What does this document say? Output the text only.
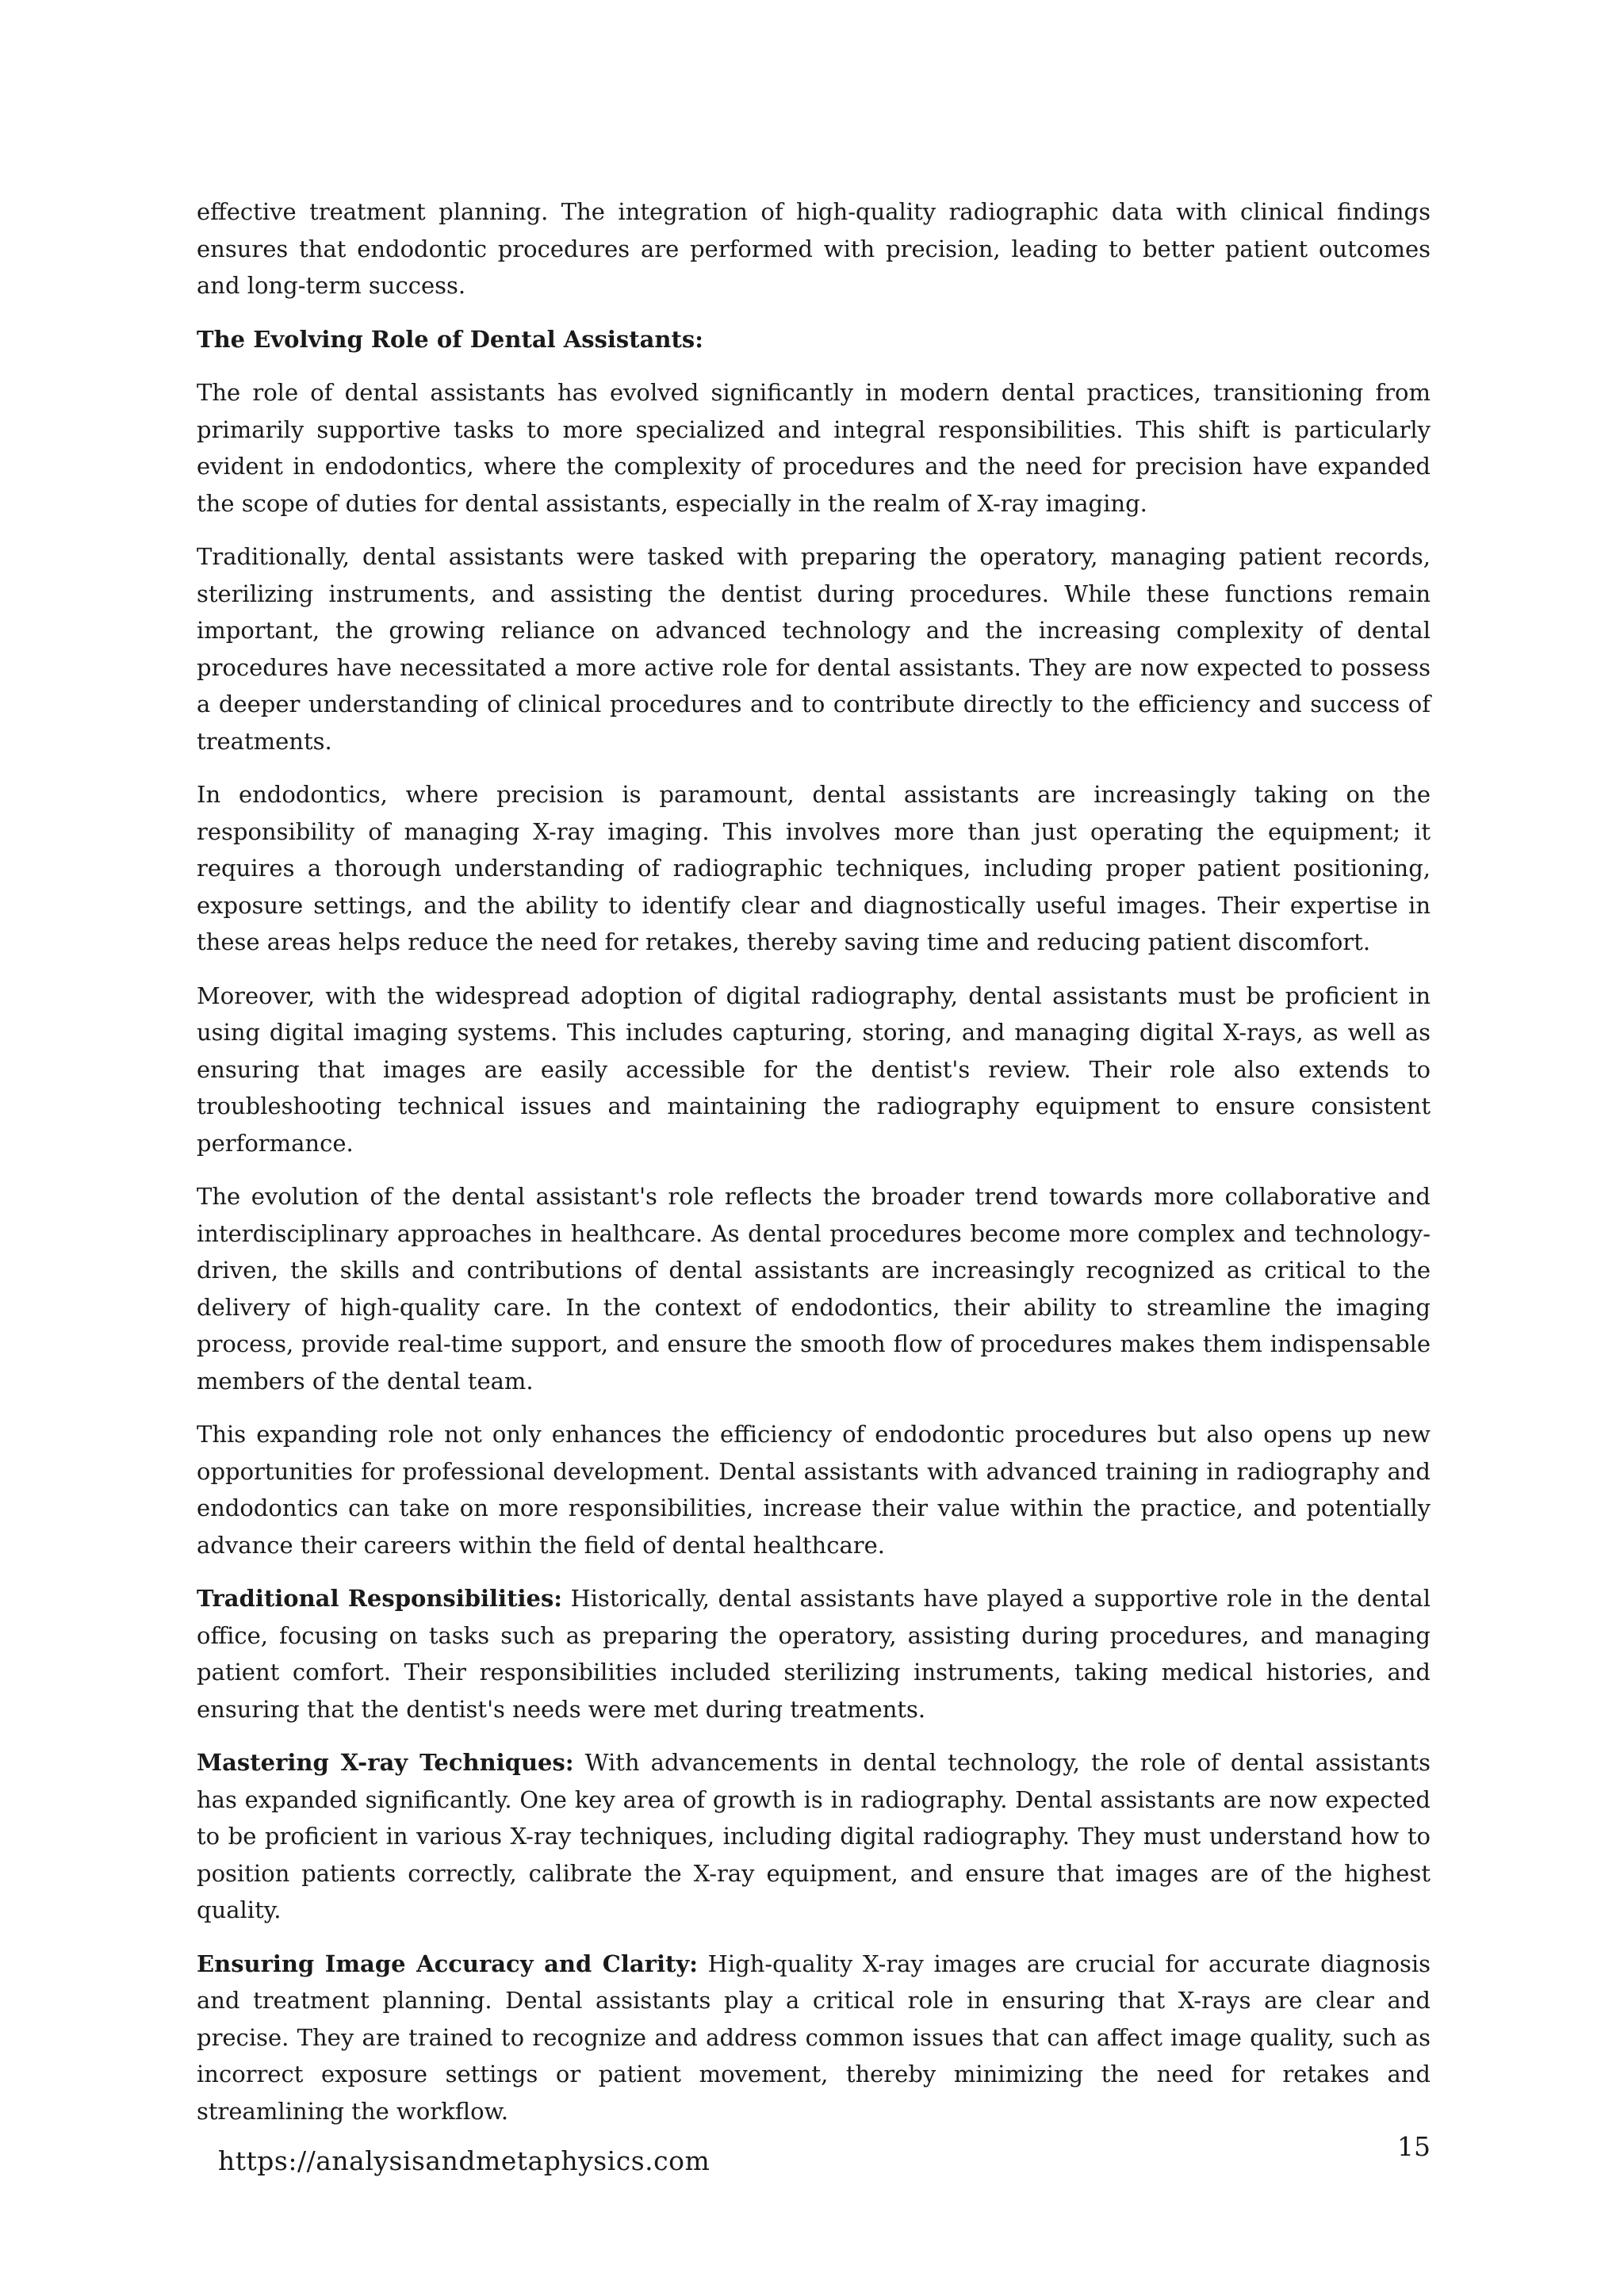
effective treatment planning. The integration of high-quality radiographic data with clinical findings ensures that endodontic procedures are performed with precision, leading to better patient outcomes and long-term success.

The Evolving Role of Dental Assistants:

The role of dental assistants has evolved significantly in modern dental practices, transitioning from primarily supportive tasks to more specialized and integral responsibilities. This shift is particularly evident in endodontics, where the complexity of procedures and the need for precision have expanded the scope of duties for dental assistants, especially in the realm of X-ray imaging.

Traditionally, dental assistants were tasked with preparing the operatory, managing patient records, sterilizing instruments, and assisting the dentist during procedures. While these functions remain important, the growing reliance on advanced technology and the increasing complexity of dental procedures have necessitated a more active role for dental assistants. They are now expected to possess a deeper understanding of clinical procedures and to contribute directly to the efficiency and success of treatments.

In endodontics, where precision is paramount, dental assistants are increasingly taking on the responsibility of managing X-ray imaging. This involves more than just operating the equipment; it requires a thorough understanding of radiographic techniques, including proper patient positioning, exposure settings, and the ability to identify clear and diagnostically useful images. Their expertise in these areas helps reduce the need for retakes, thereby saving time and reducing patient discomfort.

Moreover, with the widespread adoption of digital radiography, dental assistants must be proficient in using digital imaging systems. This includes capturing, storing, and managing digital X-rays, as well as ensuring that images are easily accessible for the dentist's review. Their role also extends to troubleshooting technical issues and maintaining the radiography equipment to ensure consistent performance.

The evolution of the dental assistant's role reflects the broader trend towards more collaborative and interdisciplinary approaches in healthcare. As dental procedures become more complex and technology-driven, the skills and contributions of dental assistants are increasingly recognized as critical to the delivery of high-quality care. In the context of endodontics, their ability to streamline the imaging process, provide real-time support, and ensure the smooth flow of procedures makes them indispensable members of the dental team.

This expanding role not only enhances the efficiency of endodontic procedures but also opens up new opportunities for professional development. Dental assistants with advanced training in radiography and endodontics can take on more responsibilities, increase their value within the practice, and potentially advance their careers within the field of dental healthcare.

Traditional Responsibilities: Historically, dental assistants have played a supportive role in the dental office, focusing on tasks such as preparing the operatory, assisting during procedures, and managing patient comfort. Their responsibilities included sterilizing instruments, taking medical histories, and ensuring that the dentist's needs were met during treatments.

Mastering X-ray Techniques: With advancements in dental technology, the role of dental assistants has expanded significantly. One key area of growth is in radiography. Dental assistants are now expected to be proficient in various X-ray techniques, including digital radiography. They must understand how to position patients correctly, calibrate the X-ray equipment, and ensure that images are of the highest quality.

Ensuring Image Accuracy and Clarity: High-quality X-ray images are crucial for accurate diagnosis and treatment planning. Dental assistants play a critical role in ensuring that X-rays are clear and precise. They are trained to recognize and address common issues that can affect image quality, such as incorrect exposure settings or patient movement, thereby minimizing the need for retakes and streamlining the workflow.

https://analysisandmetaphysics.com	15
